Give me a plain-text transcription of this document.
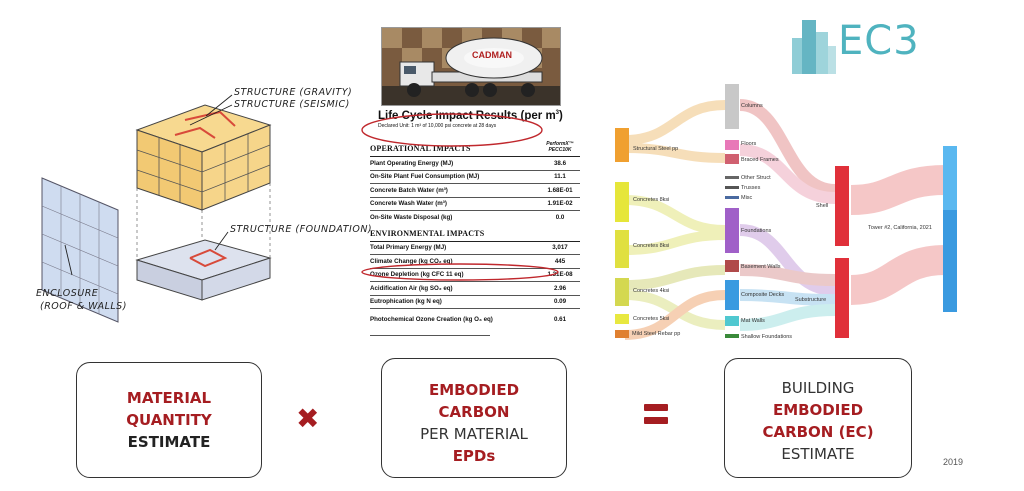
STRUCTURE (GRAVITY)
STRUCTURE (SEISMIC)
STRUCTURE (FOUNDATION)
ENCLOSURE
(ROOF & WALLS)
CADMAN
Life Cycle Impact Results (per $m^3$)
Declared Unit: 1 m³ of 10,000 psi concrete at 28 days
OPERATIONAL IMPACTS	PerformX™ PECC10K
Plant Operating Energy (MJ)	38.6
On-Site Plant Fuel Consumption (MJ)	11.1
Concrete Batch Water (m³)	1.68E-01
Concrete Wash Water (m³)	1.91E-02
On-Site Waste Disposal (kg)	0.0
ENVIRONMENTAL IMPACTS
Total Primary Energy (MJ)	3,017
Climate Change (kg CO₂ eq)	445
Ozone Depletion (kg CFC 11 eq)	1.31E-08
Acidification Air (kg SO₂ eq)	2.96
Eutrophication (kg N eq)	0.09
Photochemical Ozone Creation (kg O₃ eq)	0.61
Structural Steel pp
Concretes 8ksi
Concretes 8ksi
Concretes 4ksi
Concretes 5ksi
Mild Steel Rebar pp
Columns
Floors
Braced Frames
Other Struct
Trusses
Misc
Foundations
Basement Walls
Composite Decks
Mat Walls
Shallow Foundations
Shell
Substructure
Tower #2, California, 2021
EC3
MATERIAL
QUANTITY
ESTIMATE
✖
EMBODIED
CARBON
PER MATERIAL
EPDs
BUILDING
EMBODIED
CARBON (EC)
ESTIMATE	2019
